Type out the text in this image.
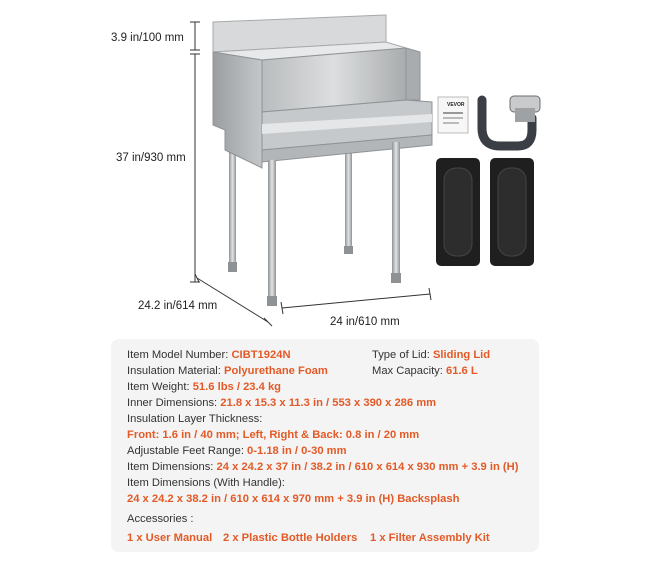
VEVOR
3.9 in/100 mm
37 in/930 mm
24.2 in/614 mm
24 in/610 mm
Item Model Number: CIBT1924N	Type of Lid: Sliding Lid
Insulation Material: Polyurethane Foam	Max Capacity: 61.6 L
Item Weight: 51.6 lbs / 23.4 kg
Inner Dimensions: 21.8 x 15.3 x 11.3 in / 553 x 390 x 286 mm
Insulation Layer Thickness:
Front: 1.6 in / 40 mm; Left, Right & Back: 0.8 in / 20 mm
Adjustable Feet Range: 0-1.18 in / 0-30 mm
Item Dimensions: 24 x 24.2 x 37 in / 38.2 in / 610 x 614 x 930 mm + 3.9 in (H)
Item Dimensions (With Handle):
24 x 24.2 x 38.2 in / 610 x 614 x 970 mm + 3.9 in (H) Backsplash
Accessories :
1 x User Manual 2 x Plastic Bottle Holders 1 x Filter Assembly Kit
